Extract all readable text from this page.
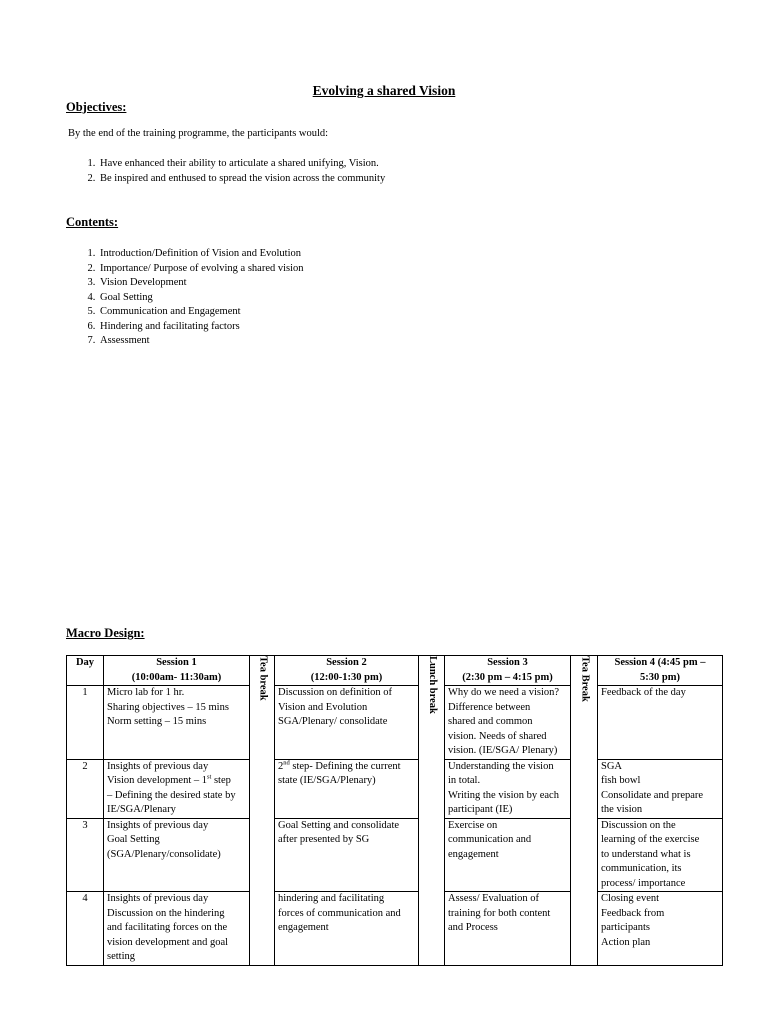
Evolving a shared Vision
Objectives:
By the end of the training programme, the participants would:
1. Have enhanced their ability to articulate a shared unifying, Vision.
2. Be inspired and enthused to spread the vision across the community
Contents:
1. Introduction/Definition of Vision and Evolution
2. Importance/ Purpose of evolving a shared vision
3. Vision Development
4. Goal Setting
5. Communication and Engagement
6. Hindering and facilitating factors
7. Assessment
Macro Design:
Day	Session 1
(10:00am- 11:30am)	Tea break	Session 2
(12:00-1:30 pm)	Lunch break	Session 3
(2:30 pm – 4:15 pm)	Tea Break	Session 4 (4:45 pm –
5:30 pm)

1	Micro lab for 1 hr.
Sharing objectives – 15 mins
Norm setting – 15 mins		Discussion on definition of
Vision and Evolution
SGA/Plenary/ consolidate		Why do we need a vision?
Difference between
shared and common
vision. Needs of shared
vision. (IE/SGA/ Plenary)		Feedback of the day

2	Insights of previous day
Vision development – 1st step
– Defining the desired state by
IE/SGA/Plenary		2nd step- Defining the current
state (IE/SGA/Plenary)		Understanding the vision
in total.
Writing the vision by each
participant (IE)		SGA
fish bowl
Consolidate and prepare
the vision

3	Insights of previous day
Goal Setting
(SGA/Plenary/consolidate)		Goal Setting and consolidate
after presented by SG		Exercise on
communication and
engagement		Discussion on the
learning of the exercise
to understand what is
communication, its
process/ importance

4	Insights of previous day
Discussion on the hindering
and facilitating forces on the
vision development and goal
setting		hindering and facilitating
forces of communication and
engagement		Assess/ Evaluation of
training for both content
and Process		Closing event
Feedback from
participants
Action plan
